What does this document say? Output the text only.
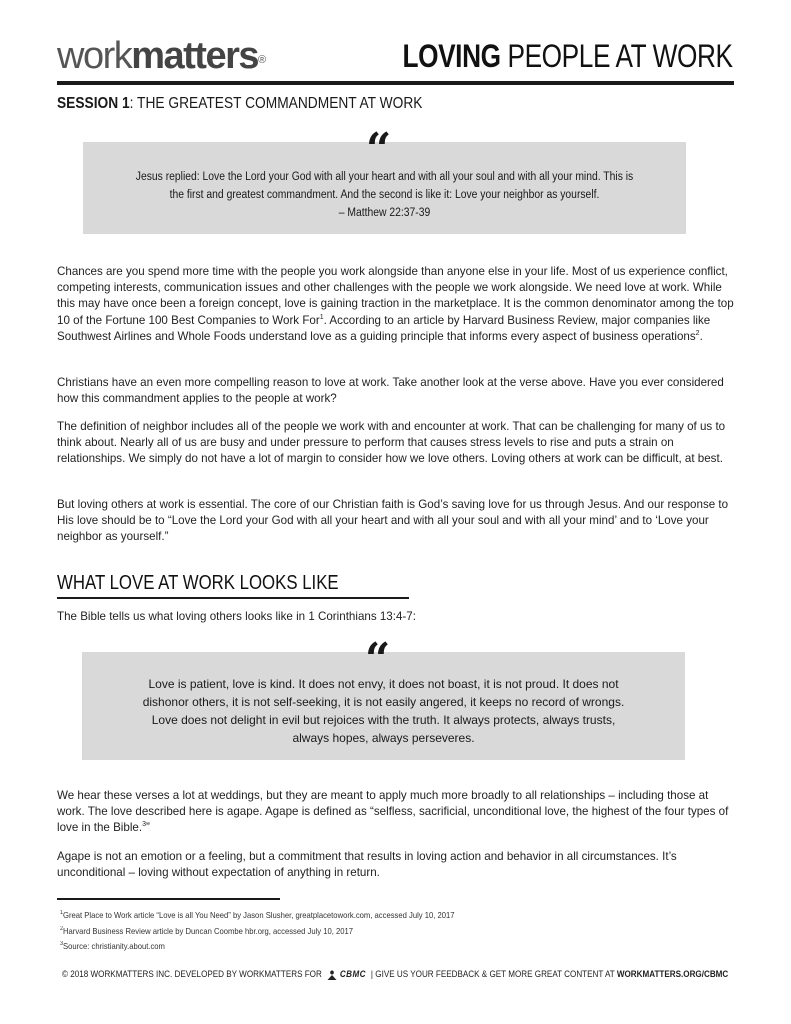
workmatters®	LOVING PEOPLE AT WORK
SESSION 1: THE GREATEST COMMANDMENT AT WORK
Jesus replied: Love the Lord your God with all your heart and with all your soul and with all your mind. This is
the first and greatest commandment. And the second is like it: Love your neighbor as yourself.
– Matthew 22:37-39
“
Chances are you spend more time with the people you work alongside than anyone else in your life. Most of us experience conflict, competing interests, communication issues and other challenges with the people we work alongside. We need love at work. While this may have once been a foreign concept, love is gaining traction in the marketplace. It is the common denominator among the top 10 of the Fortune 100 Best Companies to Work For$^1$. According to an article by Harvard Business Review, major companies like Southwest Airlines and Whole Foods understand love as a guiding principle that informs every aspect of business operations$^2$.
Christians have an even more compelling reason to love at work. Take another look at the verse above. Have you ever considered how this commandment applies to the people at work?
The definition of neighbor includes all of the people we work with and encounter at work. That can be challenging for many of us to think about. Nearly all of us are busy and under pressure to perform that causes stress levels to rise and puts a strain on relationships. We simply do not have a lot of margin to consider how we love others. Loving others at work can be difficult, at best.
But loving others at work is essential. The core of our Christian faith is God’s saving love for us through Jesus. And our response to His love should be to “Love the Lord your God with all your heart and with all your soul and with all your mind’ and to ‘Love your neighbor as yourself.”
WHAT LOVE AT WORK LOOKS LIKE
The Bible tells us what loving others looks like in 1 Corinthians 13:4-7:
Love is patient, love is kind. It does not envy, it does not boast, it is not proud. It does not
dishonor others, it is not self-seeking, it is not easily angered, it keeps no record of wrongs.
Love does not delight in evil but rejoices with the truth. It always protects, always trusts,
always hopes, always perseveres.
“
We hear these verses a lot at weddings, but they are meant to apply much more broadly to all relationships – including those at work. The love described here is agape. Agape is defined as “selfless, sacrificial, unconditional love, the highest of the four types of love in the Bible.$^3$”
Agape is not an emotion or a feeling, but a commitment that results in loving action and behavior in all circumstances. It’s unconditional – loving without expectation of anything in return.
$^1$Great Place to Work article “Love is all You Need” by Jason Slusher, greatplacetowork.com, accessed July 10, 2017
$^2$Harvard Business Review article by Duncan Coombe hbr.org, accessed July 10, 2017
$^3$Source: christianity.about.com
© 2018 WORKMATTERS INC. DEVELOPED BY WORKMATTERS FOR CBMC | GIVE US YOUR FEEDBACK & GET MORE GREAT CONTENT AT WORKMATTERS.ORG/CBMC
